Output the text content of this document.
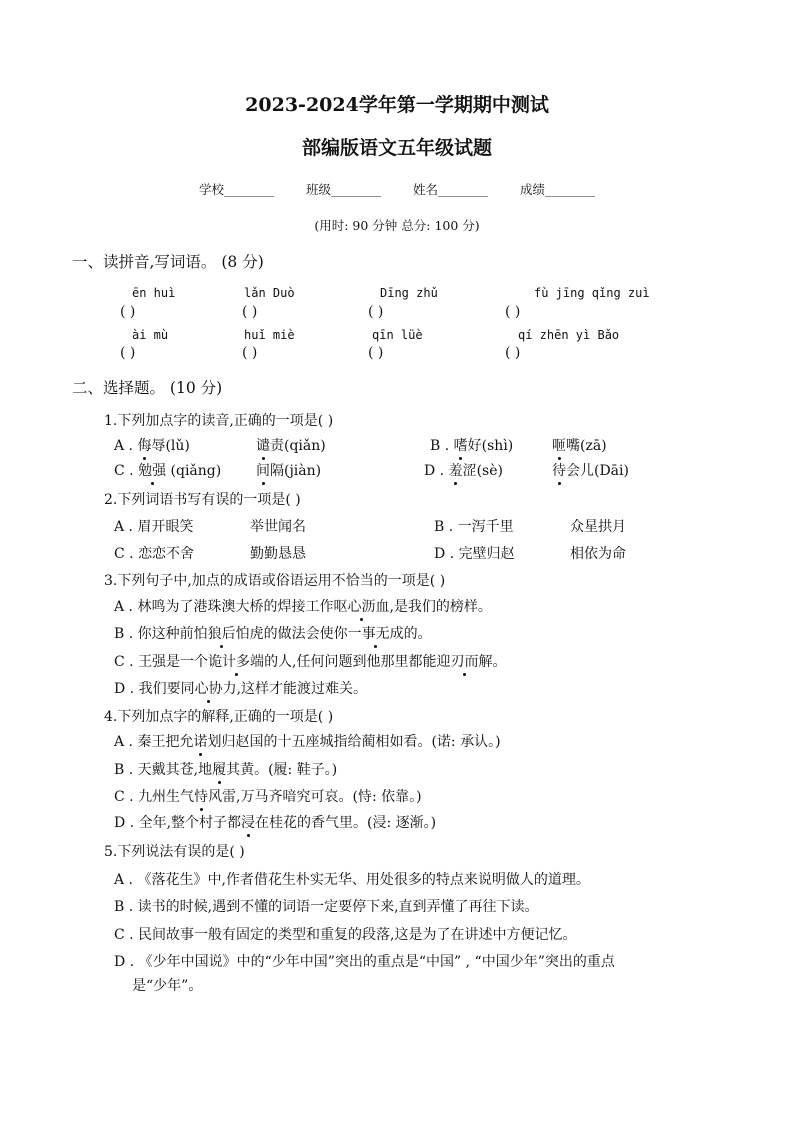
2023-2024学年第一学期期中测试
部编版语文五年级试题
学校________	班级________	姓名________	成绩________
(用时: 90 分钟 总分: 100 分)
一、读拼音,写词语。 (8 分)
ēn huì	lǎn Duò	Dīng zhǔ	fù jīng qǐng zuì
( )	( )	( )	( )
ài mù	huǐ miè	qīn lüè	qí zhēn yì Bǎo
( )	( )	( )	( )
二、选择题。 (10 分)
1.下列加点字的读音,正确的一项是( )
A . 侮辱(lǔ)	谴责(qiǎn)	B . 嗜好(shì)	咂嘴(zā)
C . 勉强 (qiǎng) 间隔(jiàn)	D . 羞涩(sè)	待会儿(Dāi)
2.下列词语书写有误的一项是( )
A . 眉开眼笑	举世闻名	B . 一泻千里	众星拱月
C . 恋恋不舍	勤勤恳恳	D . 完壁归赵	相依为命
3.下列句子中,加点的成语或俗语运用不恰当的一项是( )
A . 林鸣为了港珠澳大桥的焊接工作呕心沥血,是我们的榜样。
B . 你这种前怕狼后怕虎的做法会使你一事无成的。
C . 王强是一个诡计多端的人,任何问题到他那里都能迎刃而解。
D . 我们要同心协力,这样才能渡过难关。
4.下列加点字的解释,正确的一项是( )
A . 秦王把允诺划归赵国的十五座城指给蔺相如看。(诺: 承认。)
B . 天戴其苍,地履其黄。(履: 鞋子。)
C . 九州生气恃风雷,万马齐喑究可哀。(恃: 依靠。)
D . 全年,整个村子都浸在桂花的香气里。(浸: 逐渐。)
5.下列说法有误的是( )
A . 《落花生》中,作者借花生朴实无华、用处很多的特点来说明做人的道理。
B . 读书的时候,遇到不懂的词语一定要停下来,直到弄懂了再往下读。
C . 民间故事一般有固定的类型和重复的段落,这是为了在讲述中方便记忆。
D . 《少年中国说》中的“少年中国”突出的重点是“中国” , “中国少年”突出的重点
是“少年”。
